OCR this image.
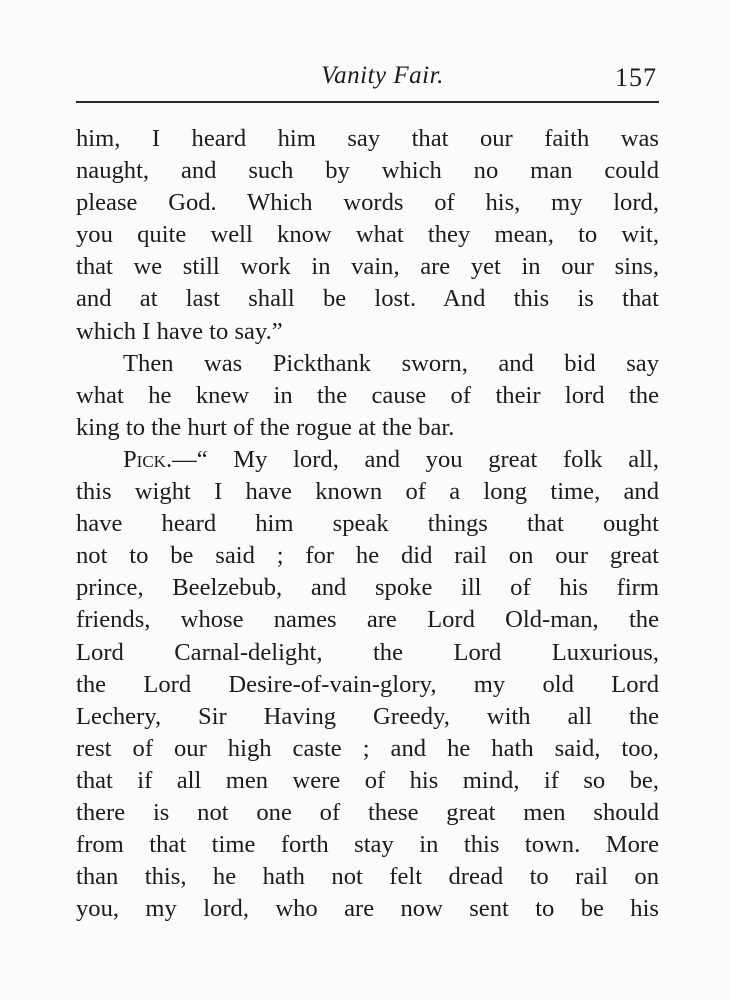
Vanity Fair.	157
him, I heard him say that our faith was
naught, and such by which no man could
please God. Which words of his, my lord,
you quite well know what they mean, to wit,
that we still work in vain, are yet in our sins,
and at last shall be lost. And this is that
which I have to say.”
Then was Pickthank sworn, and bid say
what he knew in the cause of their lord the
king to the hurt of the rogue at the bar.
Pick.—“ My lord, and you great folk all,
this wight I have known of a long time, and
have heard him speak things that ought
not to be said ; for he did rail on our great
prince, Beelzebub, and spoke ill of his firm
friends, whose names are Lord Old-man, the
Lord Carnal-delight, the Lord Luxurious,
the Lord Desire-of-vain-glory, my old Lord
Lechery, Sir Having Greedy, with all the
rest of our high caste ; and he hath said, too,
that if all men were of his mind, if so be,
there is not one of these great men should
from that time forth stay in this town. More
than this, he hath not felt dread to rail on
you, my lord, who are now sent to be his
